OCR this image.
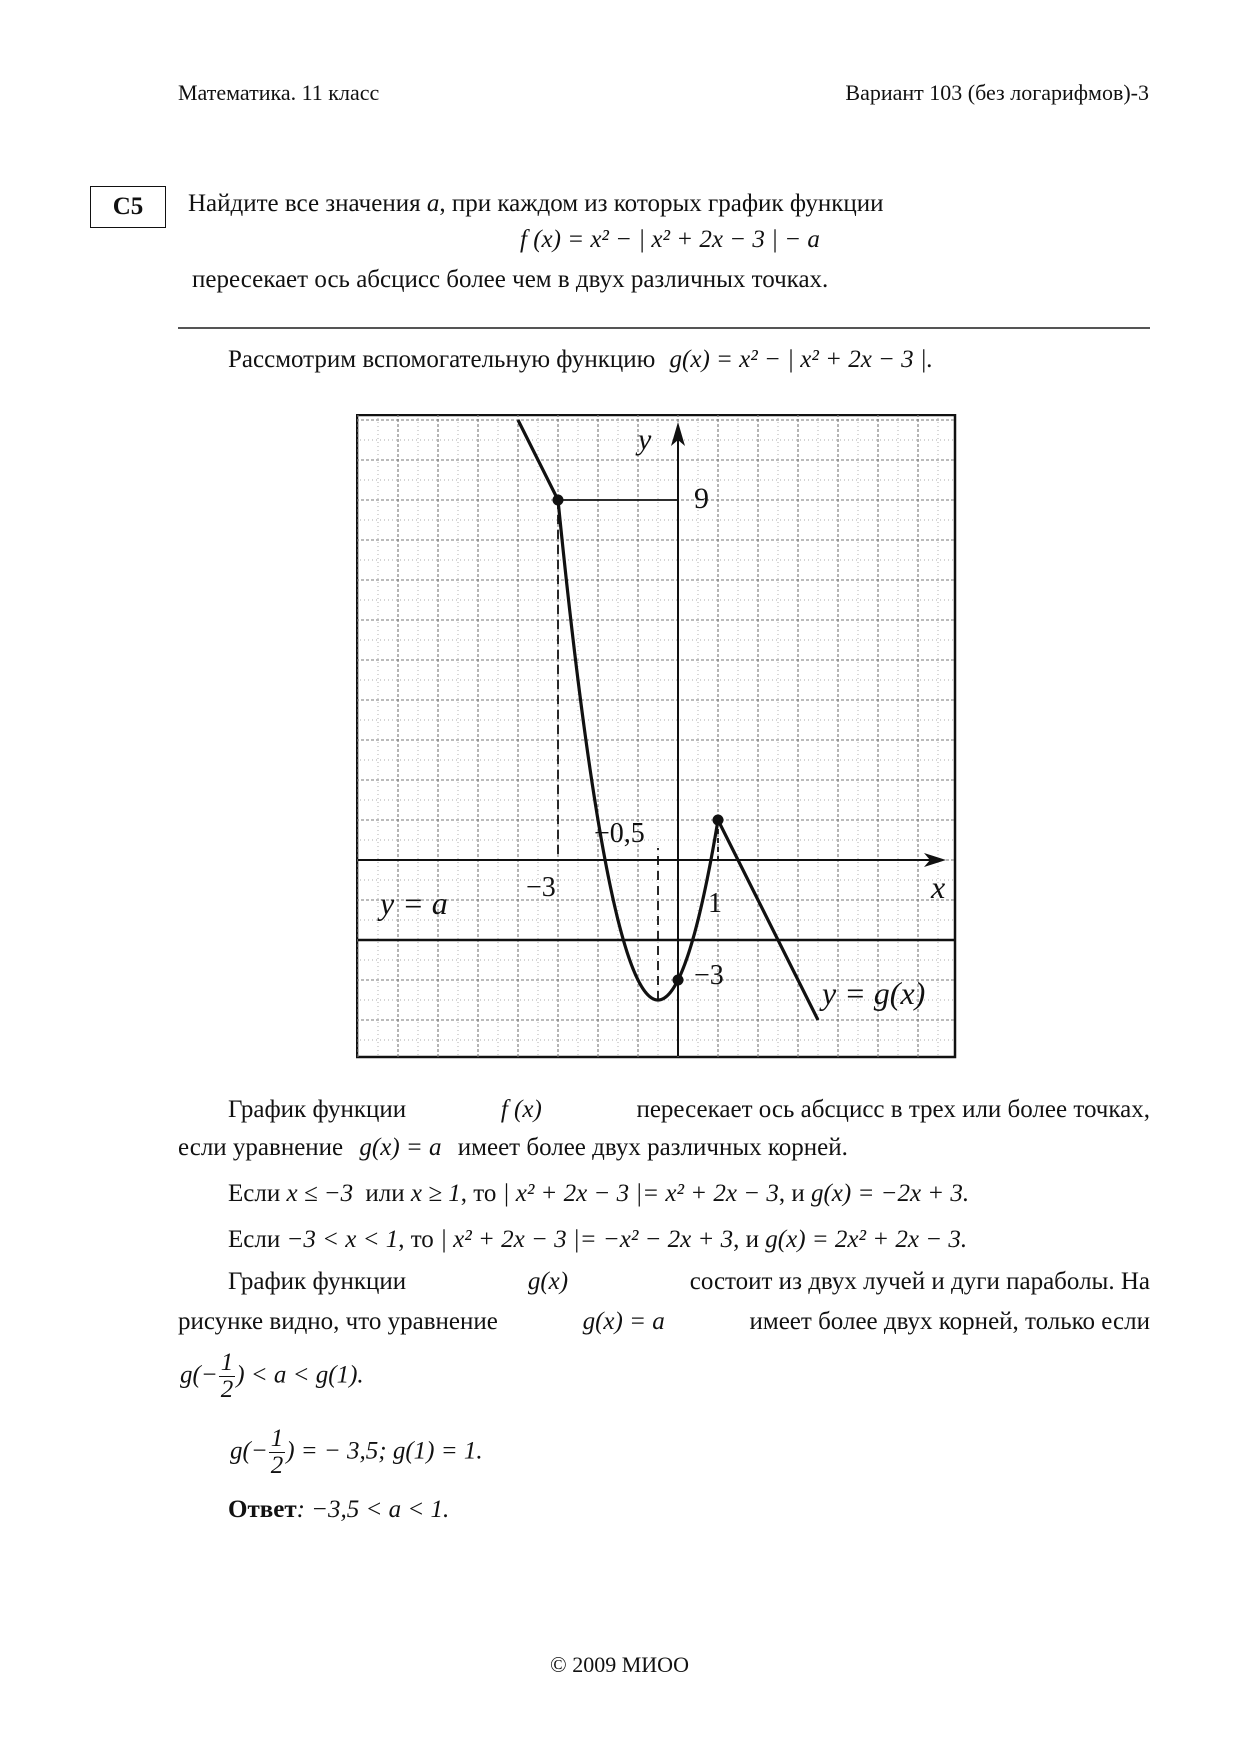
Математика. 11 класс	Вариант 103 (без логарифмов)-3
C5	Найдите все значения a, при каждом из которых график функции
f (x) = x² − | x² + 2x − 3 | − a
пересекает ось абсцисс более чем в двух различных точках.
Рассмотрим вспомогательную функцию g(x) = x² − | x² + 2x − 3 |.
y
9
−0,5
−3	x
1
y = a
−3	y = g(x)
График функции	f (x)	пересекает ось абсцисс в трех или более точках,
если уравнение g(x) = a имеет более двух различных корней.
Если x ≤ −3 или x ≥ 1, то | x² + 2x − 3 |= x² + 2x − 3, и g(x) = −2x + 3.
Если −3 < x < 1, то | x² + 2x − 3 |= −x² − 2x + 3, и g(x) = 2x² + 2x − 3.
График функции	g(x)	состоит из двух лучей и дуги параболы. На
рисунке видно, что уравнение	g(x) = a	имеет более двух корней, только если
$g(- \frac{1}{2}$ ) < a < g(1).
$g(- \frac{1}{2}$ ) = − 3,5; g(1) = 1.
Ответ: −3,5 < a < 1.
© 2009 МИОО
